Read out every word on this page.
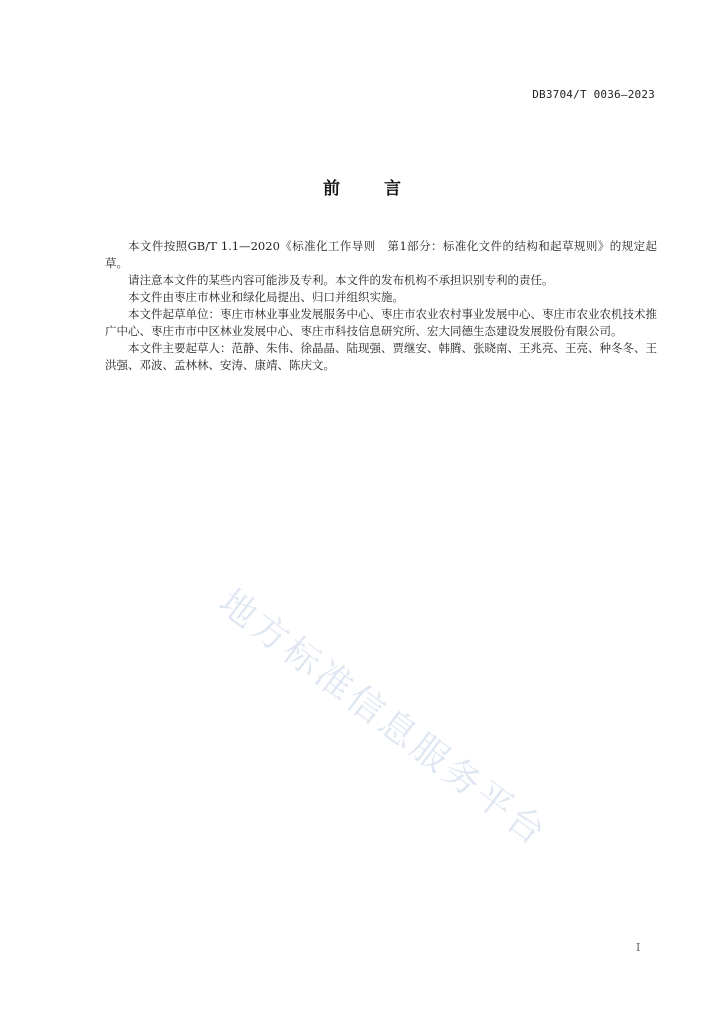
DB3704/T 0036—2023
前言

本文件按照GB/T 1.1—2020《标准化工作导则　第1部分：标准化文件的结构和起草规则》的规定起草。

请注意本文件的某些内容可能涉及专利。本文件的发布机构不承担识别专利的责任。

本文件由枣庄市林业和绿化局提出、归口并组织实施。

本文件起草单位：枣庄市林业事业发展服务中心、枣庄市农业农村事业发展中心、枣庄市农业农机技术推广中心、枣庄市市中区林业发展中心、枣庄市科技信息研究所、宏大同德生态建设发展股份有限公司。

本文件主要起草人：范静、朱伟、徐晶晶、陆现强、贾继安、韩腾、张晓南、王兆亮、王亮、种冬冬、王洪强、邓波、孟林林、安涛、康靖、陈庆文。

地方标准信息服务平台
I
